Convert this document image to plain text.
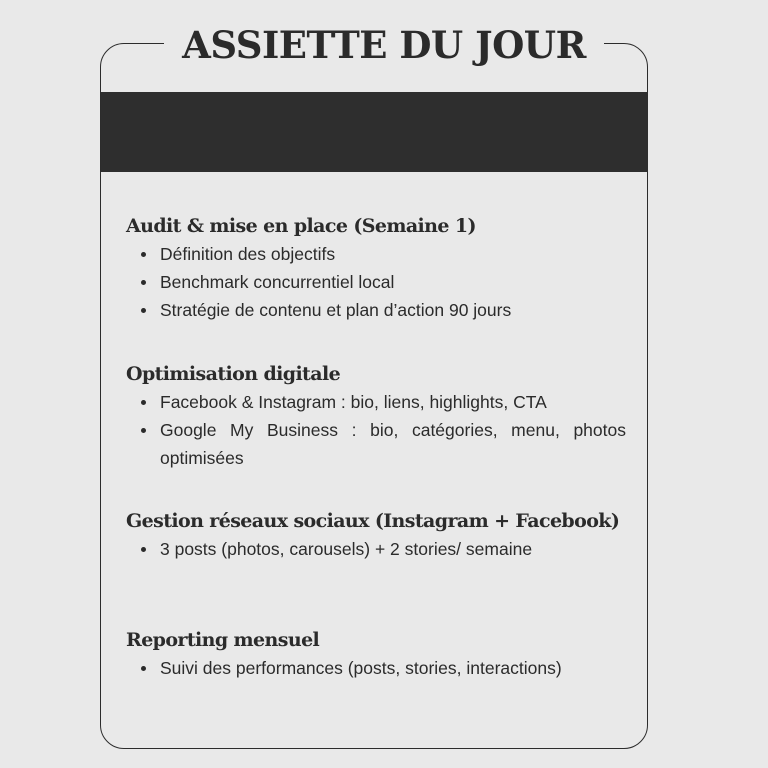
ASSIETTE DU JOUR

Audit & mise en place (Semaine 1)

Définition des objectifs
Benchmark concurrentiel local
Stratégie de contenu et plan d’action 90 jours

Optimisation digitale

Facebook & Instagram : bio, liens, highlights, CTA
Google My Business : bio, catégories, menu, photos optimisées

Gestion réseaux sociaux (Instagram + Facebook)

3 posts (photos, carousels) + 2 stories/ semaine

Reporting mensuel

Suivi des performances (posts, stories, interactions)
